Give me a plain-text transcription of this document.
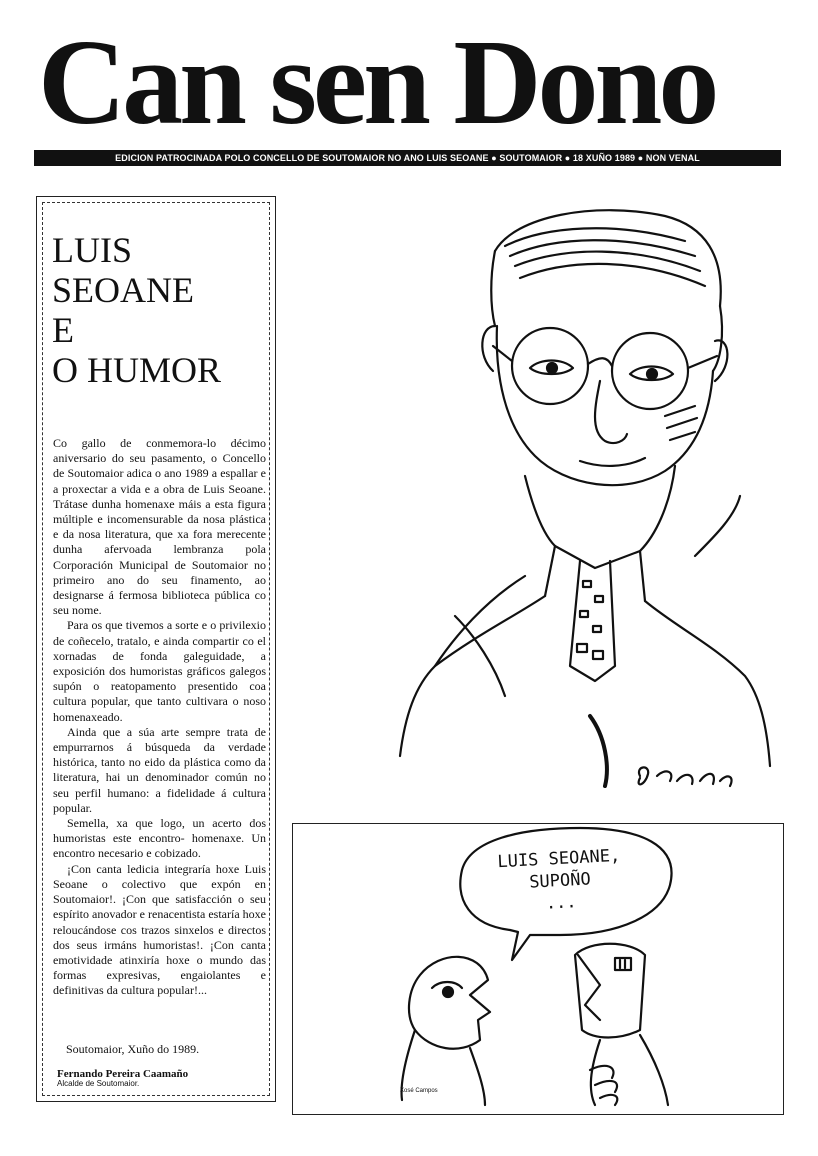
Can sen Dono
EDICION PATROCINADA POLO CONCELLO DE SOUTOMAIOR NO ANO LUIS SEOANE ● SOUTOMAIOR ● 18 XUÑO 1989 ● NON VENAL
LUIS
SEOANE
E
O HUMOR

Co gallo de conmemora-lo décimo aniversario do seu pasamento, o Concello de Soutomaior adica o ano 1989 a espallar e a proxectar a vida e a obra de Luis Seoane. Trátase dunha homenaxe máis a esta figura múltiple e incomensurable da nosa plástica e da nosa literatura, que xa fora merecente dunha afervoada lembranza pola Corporación Municipal de Soutomaior no primeiro ano do seu finamento, ao designarse á fermosa biblioteca pública co seu nome.

Para os que tivemos a sorte e o privilexio de coñecelo, tratalo, e ainda compartir co el xornadas de fonda galeguidade, a exposición dos humoristas gráficos galegos supón o reatopamento presentido coa cultura popular, que tanto cultivara o noso homenaxeado.

Ainda que a súa arte sempre trata de empurrarnos á búsqueda da verdade histórica, tanto no eido da plástica como da literatura, hai un denominador común no seu perfil humano: a fidelidade á cultura popular.

Semella, xa que logo, un acerto dos humoristas este encontro- homenaxe. Un encontro necesario e cobizado.

¡Con canta ledicia integraría hoxe Luis Seoane o colectivo que expón en Soutomaior!. ¡Con que satisfacción o seu espírito anovador e renacentista estaría hoxe reloucándose cos trazos sinxelos e directos dos seus irmáns humoristas!. ¡Con canta emotividade atinxiría hoxe o mundo das formas expresivas, engaiolantes e definitivas da cultura popular!...

Soutomaior, Xuño do 1989.
Fernando Pereira Caamaño
Alcalde de Soutomaior.
LUIS SEOANE,
SUPOÑO
...
Xosé Campos
